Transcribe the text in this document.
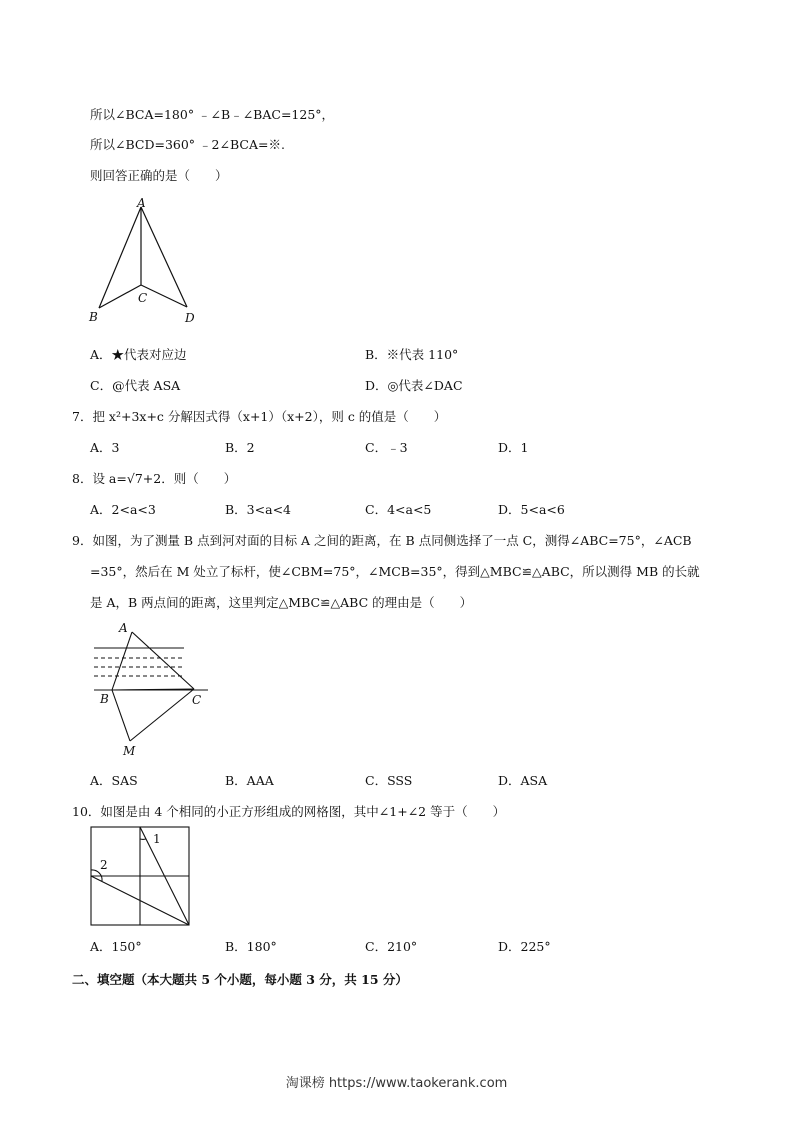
所以∠BCA=180° ﹣∠B﹣∠BAC=125°，
所以∠BCD=360° ﹣2∠BCA=※.
则回答正确的是（　　）
A
B
C
D
A．★代表对应边	B．※代表 110°
C．@代表 ASA	D．◎代表∠DAC
7．把 x²+3x+c 分解因式得（x+1）（x+2），则 c 的值是（　　）
A．3	B．2	C．﹣3	D．1
8．设 a=√7+2．则（　　）
A．2<a<3	B．3<a<4	C．4<a<5	D．5<a<6
9．如图，为了测量 B 点到河对面的目标 A 之间的距离，在 B 点同侧选择了一点 C，测得∠ABC=75°，∠ACB
=35°，然后在 M 处立了标杆，使∠CBM=75°，∠MCB=35°，得到△MBC≌△ABC，所以测得 MB 的长就
是 A，B 两点间的距离，这里判定△MBC≌△ABC 的理由是（　　）
A
B	C
M
A．SAS	B．AAA	C．SSS	D．ASA
10．如图是由 4 个相同的小正方形组成的网格图，其中∠1+∠2 等于（　　）
1
2
A．150°	B．180°	C．210°	D．225°
二、填空题（本大题共 5 个小题，每小题 3 分，共 15 分）
淘课榜 https://www.taokerank.com
